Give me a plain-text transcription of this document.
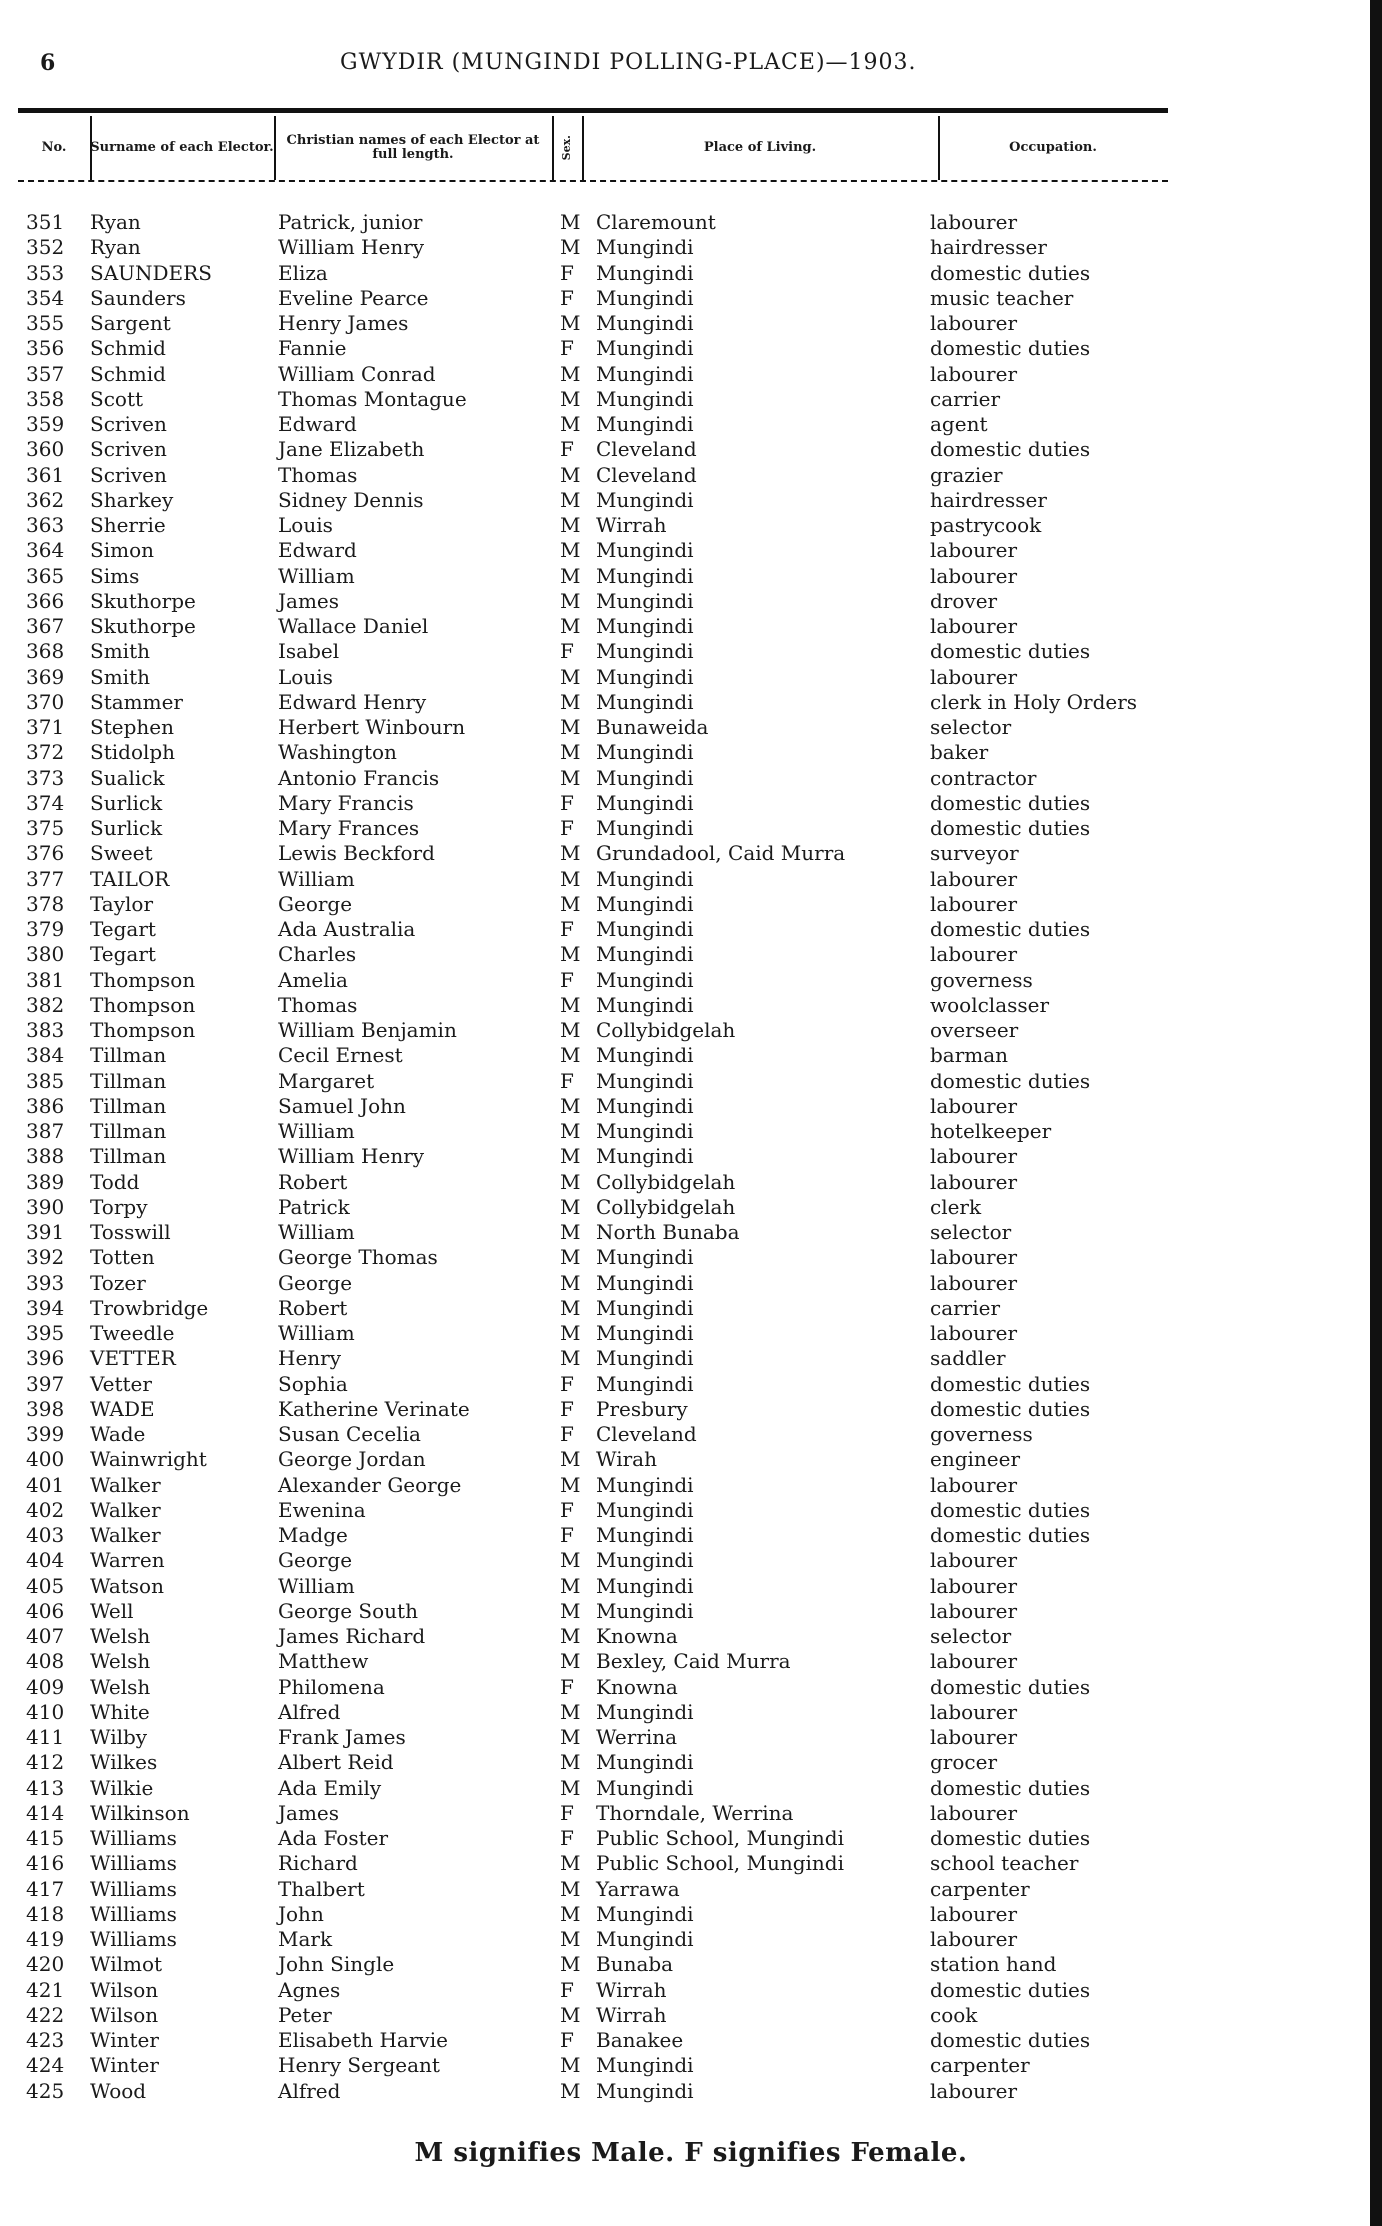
6	GWYDIR (MUNGINDI POLLING-PLACE)—1903.
No. Surname of each Elector. Christian names of each Elector at full length.	Sex.	Place of Living.	Occupation.
351 Ryan	Patrick, junior	M Claremount	labourer
352 Ryan	William Henry	M Mungindi	hairdresser
353 SAUNDERS	Eliza	F Mungindi	domestic duties
354 Saunders	Eveline Pearce	F Mungindi	music teacher
355 Sargent	Henry James	M Mungindi	labourer
356 Schmid	Fannie	F Mungindi	domestic duties
357 Schmid	William Conrad	M Mungindi	labourer
358 Scott	Thomas Montague	M Mungindi	carrier
359 Scriven	Edward	M Mungindi	agent
360 Scriven	Jane Elizabeth	F Cleveland	domestic duties
361 Scriven	Thomas	M Cleveland	grazier
362 Sharkey	Sidney Dennis	M Mungindi	hairdresser
363 Sherrie	Louis	M Wirrah	pastrycook
364 Simon	Edward	M Mungindi	labourer
365 Sims	William	M Mungindi	labourer
366 Skuthorpe	James	M Mungindi	drover
367 Skuthorpe	Wallace Daniel	M Mungindi	labourer
368 Smith	Isabel	F Mungindi	domestic duties
369 Smith	Louis	M Mungindi	labourer
370 Stammer	Edward Henry	M Mungindi	clerk in Holy Orders
371 Stephen	Herbert Winbourn	M Bunaweida	selector
372 Stidolph	Washington	M Mungindi	baker
373 Sualick	Antonio Francis	M Mungindi	contractor
374 Surlick	Mary Francis	F Mungindi	domestic duties
375 Surlick	Mary Frances	F Mungindi	domestic duties
376 Sweet	Lewis Beckford	M Grundadool, Caid Murra	surveyor
377 TAILOR	William	M Mungindi	labourer
378 Taylor	George	M Mungindi	labourer
379 Tegart	Ada Australia	F Mungindi	domestic duties
380 Tegart	Charles	M Mungindi	labourer
381 Thompson	Amelia	F Mungindi	governess
382 Thompson	Thomas	M Mungindi	woolclasser
383 Thompson	William Benjamin	M Collybidgelah	overseer
384 Tillman	Cecil Ernest	M Mungindi	barman
385 Tillman	Margaret	F Mungindi	domestic duties
386 Tillman	Samuel John	M Mungindi	labourer
387 Tillman	William	M Mungindi	hotelkeeper
388 Tillman	William Henry	M Mungindi	labourer
389 Todd	Robert	M Collybidgelah	labourer
390 Torpy	Patrick	M Collybidgelah	clerk
391 Tosswill	William	M North Bunaba	selector
392 Totten	George Thomas	M Mungindi	labourer
393 Tozer	George	M Mungindi	labourer
394 Trowbridge	Robert	M Mungindi	carrier
395 Tweedle	William	M Mungindi	labourer
396 VETTER	Henry	M Mungindi	saddler
397 Vetter	Sophia	F Mungindi	domestic duties
398 WADE	Katherine Verinate	F Presbury	domestic duties
399 Wade	Susan Cecelia	F Cleveland	governess
400 Wainwright	George Jordan	M Wirah	engineer
401 Walker	Alexander George	M Mungindi	labourer
402 Walker	Ewenina	F Mungindi	domestic duties
403 Walker	Madge	F Mungindi	domestic duties
404 Warren	George	M Mungindi	labourer
405 Watson	William	M Mungindi	labourer
406 Well	George South	M Mungindi	labourer
407 Welsh	James Richard	M Knowna	selector
408 Welsh	Matthew	M Bexley, Caid Murra	labourer
409 Welsh	Philomena	F Knowna	domestic duties
410 White	Alfred	M Mungindi	labourer
411 Wilby	Frank James	M Werrina	labourer
412 Wilkes	Albert Reid	M Mungindi	grocer
413 Wilkie	Ada Emily	M Mungindi	domestic duties
414 Wilkinson	James	F Thorndale, Werrina	labourer
415 Williams	Ada Foster	F Public School, Mungindi	domestic duties
416 Williams	Richard	M Public School, Mungindi	school teacher
417 Williams	Thalbert	M Yarrawa	carpenter
418 Williams	John	M Mungindi	labourer
419 Williams	Mark	M Mungindi	labourer
420 Wilmot	John Single	M Bunaba	station hand
421 Wilson	Agnes	F Wirrah	domestic duties
422 Wilson	Peter	M Wirrah	cook
423 Winter	Elisabeth Harvie	F Banakee	domestic duties
424 Winter	Henry Sergeant	M Mungindi	carpenter
425 Wood	Alfred	M Mungindi	labourer
M signifies Male. F signifies Female.
